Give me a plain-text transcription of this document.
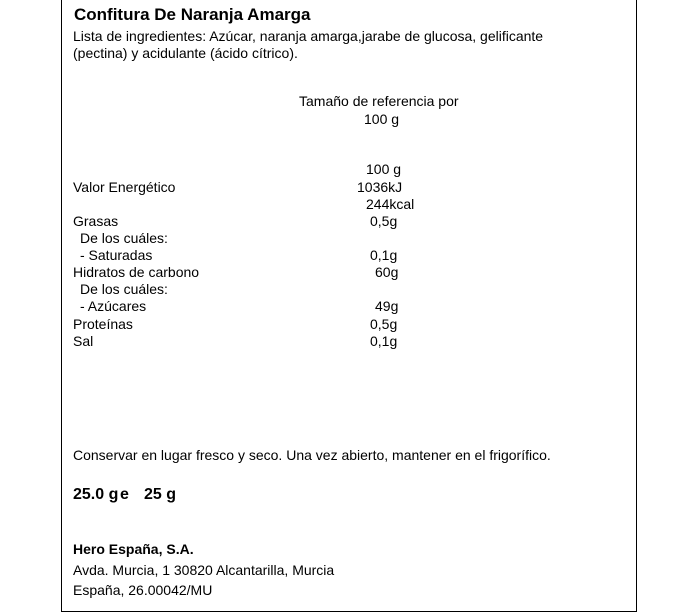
Confitura De Naranja Amarga
Lista de ingredientes: Azúcar, naranja amarga,jarabe de glucosa, gelificante
(pectina) y acidulante (ácido cítrico).
Tamaño de referencia por
100 g
100 g
Valor Energético	1036kJ
244kcal
Grasas	0,5g
De los cuáles:
- Saturadas	0,1g
Hidratos de carbono	60g
De los cuáles:
- Azúcares	49g
Proteínas	0,5g
Sal	0,1g
Conservar en lugar fresco y seco. Una vez abierto, mantener en el frigorífico.
25.0 g e 25 g
Hero España, S.A.
Avda. Murcia, 1 30820 Alcantarilla, Murcia
España, 26.00042/MU
